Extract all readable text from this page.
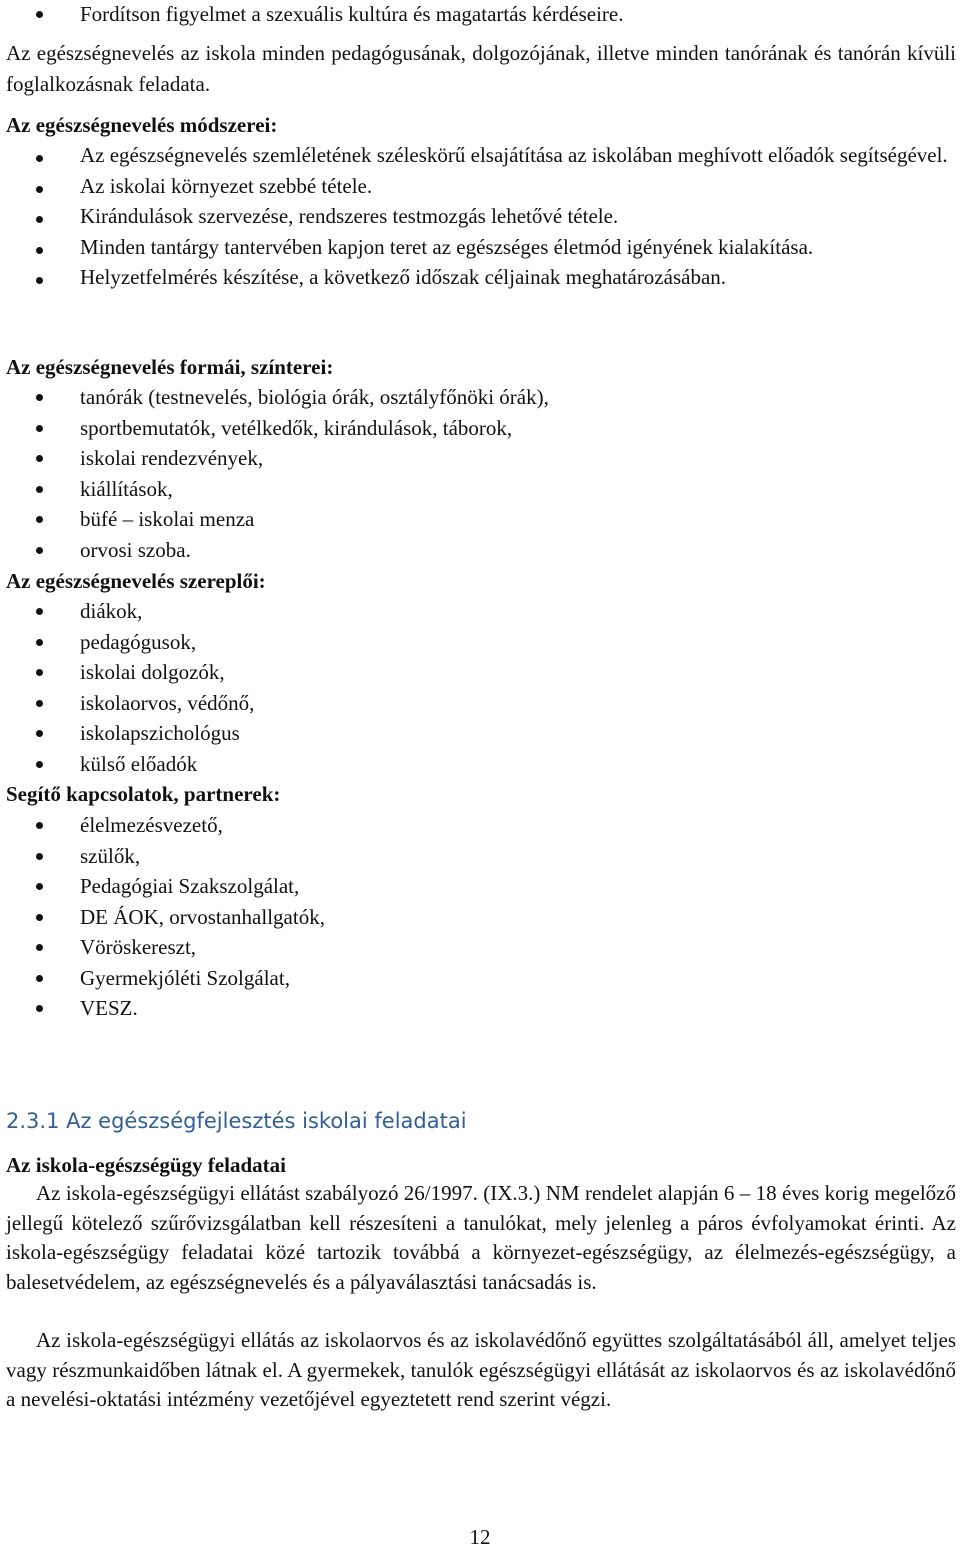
Fordítson figyelmet a szexuális kultúra és magatartás kérdéseire.

Az egészségnevelés az iskola minden pedagógusának, dolgozójának, illetve minden tanórának és tanórán kívüli foglalkozásnak feladata.

Az egészségnevelés módszerei:
Az egészségnevelés szemléletének széleskörű elsajátítása az iskolában meghívott előadók segítségével.
Az iskolai környezet szebbé tétele.
Kirándulások szervezése, rendszeres testmozgás lehetővé tétele.
Minden tantárgy tantervében kapjon teret az egészséges életmód igényének kialakítása.
Helyzetfelmérés készítése, a következő időszak céljainak meghatározásában.
Az egészségnevelés formái, színterei:
tanórák (testnevelés, biológia órák, osztályfőnöki órák),
sportbemutatók, vetélkedők, kirándulások, táborok,
iskolai rendezvények,
kiállítások,
büfé – iskolai menza
orvosi szoba.
Az egészségnevelés szereplői:
diákok,
pedagógusok,
iskolai dolgozók,
iskolaorvos, védőnő,
iskolapszichológus
külső előadók
Segítő kapcsolatok, partnerek:
élelmezésvezető,
szülők,
Pedagógiai Szakszolgálat,
DE ÁOK, orvostanhallgatók,
Vöröskereszt,
Gyermekjóléti Szolgálat,
VESZ.
2.3.1 Az egészségfejlesztés iskolai feladatai
Az iskola-egészségügy feladatai

Az iskola-egészségügyi ellátást szabályozó 26/1997. (IX.3.) NM rendelet alapján 6 – 18 éves korig megelőző jellegű kötelező szűrővizsgálatban kell részesíteni a tanulókat, mely jelenleg a páros évfolyamokat érinti. Az iskola-egészségügy feladatai közé tartozik továbbá a környezet-egészségügy, az élelmezés-egészségügy, a balesetvédelem, az egészségnevelés és a pályaválasztási tanácsadás is.

Az iskola-egészségügyi ellátás az iskolaorvos és az iskolavédőnő együttes szolgáltatásából áll, amelyet teljes vagy részmunkaidőben látnak el. A gyermekek, tanulók egészségügyi ellátását az iskolaorvos és az iskolavédőnő a nevelési-oktatási intézmény vezetőjével egyeztetett rend szerint végzi.

12
